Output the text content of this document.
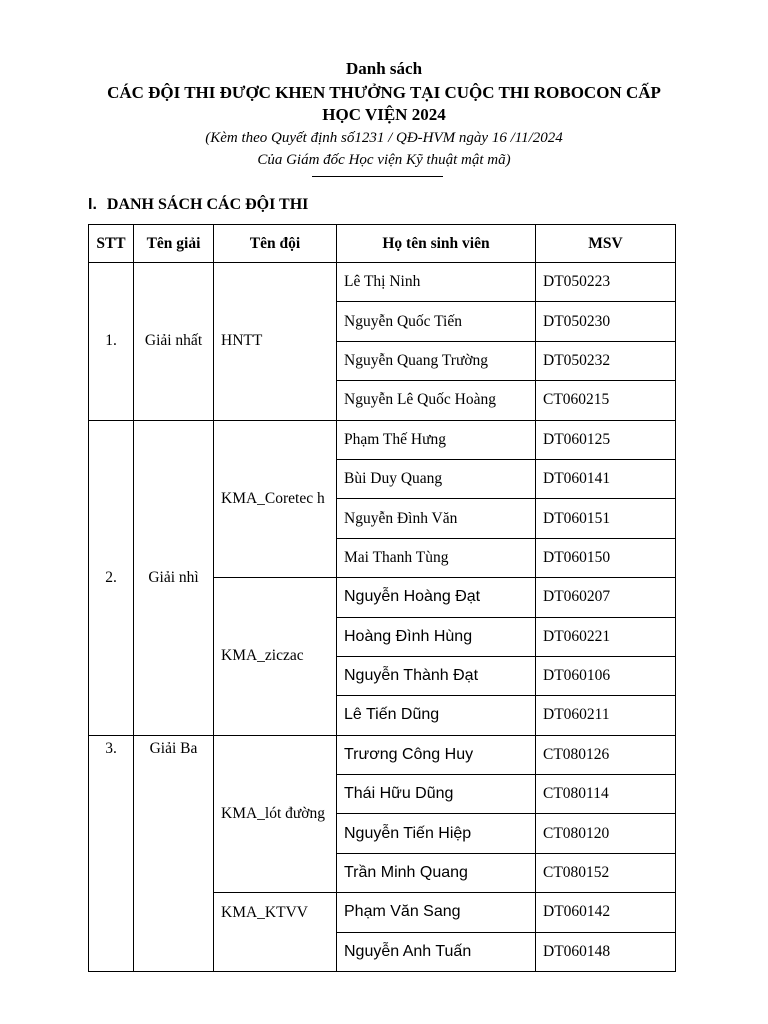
Danh sách
CÁC ĐỘI THI ĐƯỢC KHEN THƯỞNG TẠI CUỘC THI ROBOCON CẤP HỌC VIỆN 2024
(Kèm theo Quyết định số1231 / QĐ-HVM ngày 16 /11/2024
Của Giám đốc Học viện Kỹ thuật mật mã)
I. DANH SÁCH CÁC ĐỘI THI
STT	Tên giải	Tên đội	Họ tên sinh viên	MSV
1.	Giải nhất	HNTT	Lê Thị Ninh	DT050223
			Nguyễn Quốc Tiến	DT050230
			Nguyễn Quang Trường	DT050232
			Nguyễn Lê Quốc Hoàng	CT060215
2.	Giải nhì	KMA_Coretec h	Phạm Thế Hưng	DT060125
			Bùi Duy Quang	DT060141
			Nguyễn Đình Văn	DT060151
			Mai Thanh Tùng	DT060150
		KMA_ziczac	Nguyễn Hoàng Đạt	DT060207
			Hoàng Đình Hùng	DT060221
			Nguyễn Thành Đạt	DT060106
			Lê Tiến Dũng	DT060211
3.	Giải Ba	KMA_lót đường	Trương Công Huy	CT080126
			Thái Hữu Dũng	CT080114
			Nguyễn Tiến Hiệp	CT080120
			Trần Minh Quang	CT080152
		KMA_KTVV	Phạm Văn Sang	DT060142
			Nguyễn Anh Tuấn	DT060148
